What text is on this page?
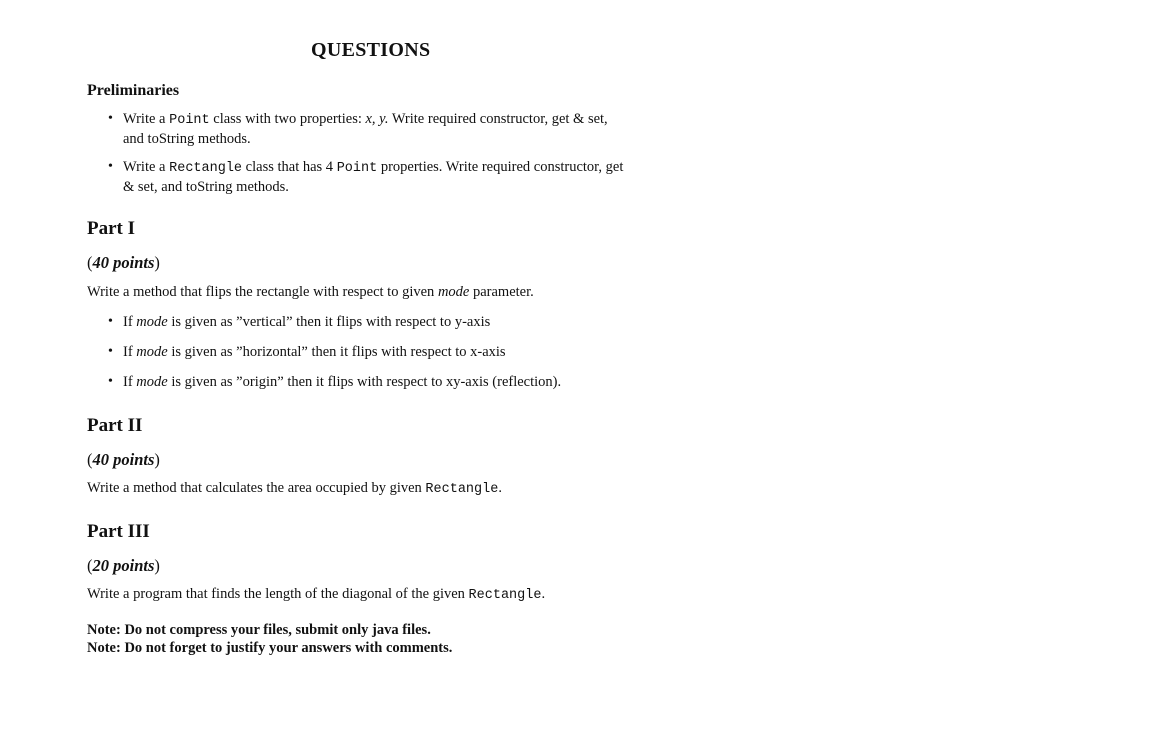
QUESTIONS
Preliminaries
• Write a Point class with two properties: x, y. Write required constructor, get & set,
and toString methods.
• Write a Rectangle class that has 4 Point properties. Write required constructor, get
& set, and toString methods.
Part I
(40 points)
Write a method that flips the rectangle with respect to given mode parameter.
• If mode is given as ”vertical” then it flips with respect to y-axis
• If mode is given as ”horizontal” then it flips with respect to x-axis
• If mode is given as ”origin” then it flips with respect to xy-axis (reflection).
Part II
(40 points)
Write a method that calculates the area occupied by given Rectangle.
Part III
(20 points)
Write a program that finds the length of the diagonal of the given Rectangle.
Note: Do not compress your files, submit only java files.
Note: Do not forget to justify your answers with comments.
